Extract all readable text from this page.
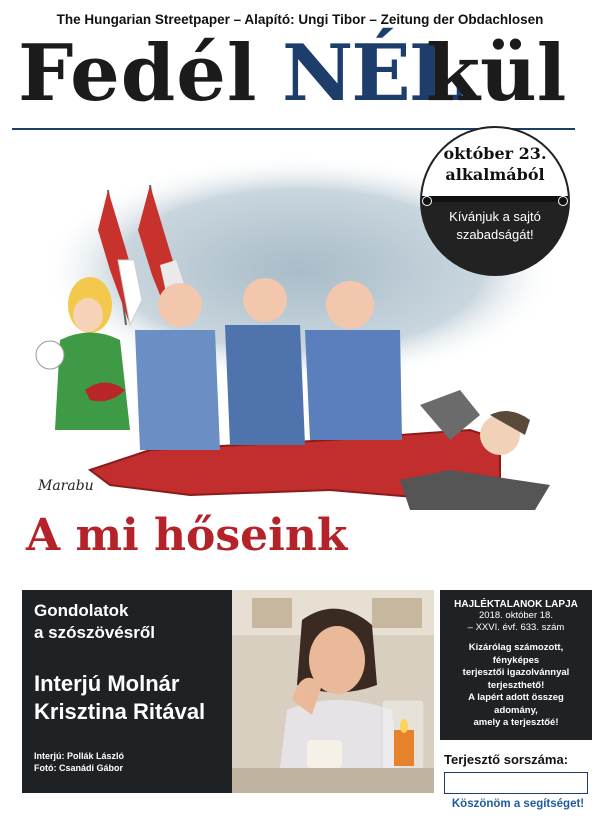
The Hungarian Streetpaper – Alapító: Ungi Tibor – Zeitung der Obdachlosen
Fedél NÉL
kül
október 23.
alkalmából
Kívánjuk a sajtó
szabadságát!
Marabu
A mi hőseink
Gondolatok
a szószövésről
Interjú Molnár
Krisztina Ritával
Interjú: Pollák László
Fotó: Csanádi Gábor
HAJLÉKTALANOK LAPJA
2018. október 18.
– XXVI. évf. 633. szám
Kizárólag számozott,
fényképes
terjesztői igazolvánnyal
terjeszthető!
A lapért adott összeg
adomány,
amely a terjesztőé!
Terjesztő sorszáma:
Köszönöm a segítséget!
